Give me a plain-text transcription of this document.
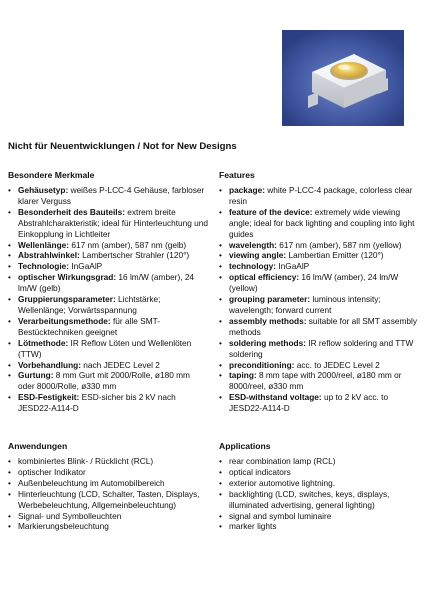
Nicht für Neuentwicklungen / Not for New Designs
Besondere Merkmale
• Gehäusetyp: weißes P-LCC-4 Gehäuse, farbloser klarer Verguss
• Besonderheit des Bauteils: extrem breite Abstrahlcharakteristik; ideal für Hinterleuchtung und Einkopplung in Lichtleiter
• Wellenlänge: 617 nm (amber), 587 nm (gelb)
• Abstrahlwinkel: Lambertscher Strahler (120°)
• Technologie: InGaAlP
• optischer Wirkungsgrad: 16 lm/W (amber), 24 lm/W (gelb)
• Gruppierungsparameter: Lichtstärke; Wellenlänge; Vorwärtsspannung
• Verarbeitungsmethode: für alle SMT-Bestücktechniken geeignet
• Lötmethode: IR Reflow Löten und Wellenlöten (TTW)
• Vorbehandlung: nach JEDEC Level 2
• Gurtung: 8 mm Gurt mit 2000/Rolle, ø180 mm oder 8000/Rolle, ø330 mm
• ESD-Festigkeit: ESD-sicher bis 2 kV nach JESD22-A114-D
Features
• package: white P-LCC-4 package, colorless clear resin
• feature of the device: extremely wide viewing angle; ideal for back lighting and coupling into light guides
• wavelength: 617 nm (amber), 587 nm (yellow)
• viewing angle: Lambertian Emitter (120°)
• technology: InGaAlP
• optical efficiency: 16 lm/W (amber), 24 lm/W (yellow)
• grouping parameter: luminous intensity; wavelength; forward current
• assembly methods: suitable for all SMT assembly methods
• soldering methods: IR reflow soldering and TTW soldering
• preconditioning: acc. to JEDEC Level 2
• taping: 8 mm tape with 2000/reel, ø180 mm or 8000/reel, ø330 mm
• ESD-withstand voltage: up to 2 kV acc. to JESD22-A114-D
Anwendungen
• kombiniertes Blink- / Rücklicht (RCL)
• optischer Indikator
• Außenbeleuchtung im Automobilbereich
• Hinterleuchtung (LCD, Schalter, Tasten, Displays, Werbebeleuchtung, Allgemeinbeleuchtung)
• Signal- und Symbolleuchten
• Markierungsbeleuchtung
Applications
• rear combination lamp (RCL)
• optical indicators
• exterior automotive lightning.
• backlighting (LCD, switches, keys, displays, illuminated advertising, general lighting)
• signal and symbol luminaire
• marker lights
